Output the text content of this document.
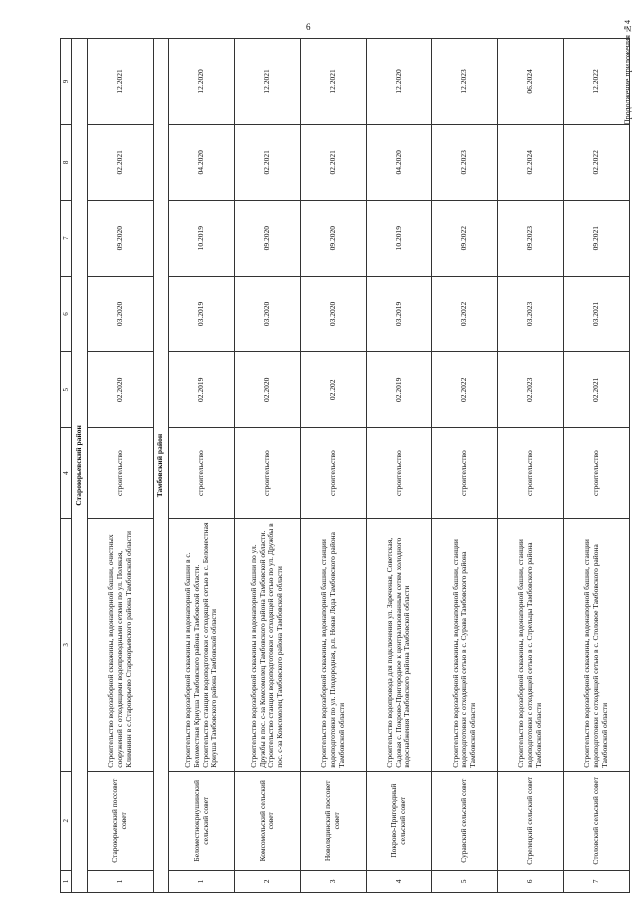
6	Продолжение приложения №4
1	2	3	4	5	6	7	8	9
Староюрьевский район								
1	Староюрьевский поссовет совет	Строительство водозаборной скважины, водонапорной башни, очистных сооружений с отходящими водопроводными сетями по ул. Полякая, Климнинн в с.Староюрьево Староюрьевского района Тамбовской области	строительство	02.2020	03.2020	09.2020	02.2021	12.2021
Тамбовский район								
1	Беломестнокриушинский сельский совет	Строительство водозаборной скважины и водонапорной башни в с. Беломестная Криуша Тамбовского района Тамбовской области. Строительство станции водоподготовки с отходящей сетью в с. Беломестная Криуша Тамбовского района Тамбовской области	строительство	02.2019	03.2019	10.2019	04.2020	12.2020
2	Комсомольский сельский совет	Строительство водозаборной скважины и водонапорной башни по ул. Дружбы в пос. с-за Комсомолец Тамбовского района Тамбовской области. Строительство станции водоподготовки с отходящей сетью по ул. Дружбы в пос. с-за Комсомолец Тамбовского района Тамбовской области	строительство	02.2020	03.2020	09.2020	02.2021	12.2021
3	Новолядинский поссовет совет	Строительство водозаборной скважины, водонапорной башни, станции водоподготовки по ул. Плодородная, р.п. Новая Ляда Тамбовского района Тамбовской области	строительство	02.202	03.2020	09.2020	02.2021	12.2021
4	Покрово-Пригородный сельский совет	Строительство водопровода для подключения ул. Зареченая, Советская, Садовая с. Покрово-Пригородное к централизованным сетям холодного водоснабжения Тамбовского района Тамбовской области	строительство	02.2019	03.2019	10.2019	04.2020	12.2020
5	Суравский сельский совет	Строительство водозаборной скважины, водонапорной башни, станции водоподготовки с отходящей сетью в с. Сурава Тамбовского района Тамбовской области	строительство	02.2022	03.2022	09.2022	02.2023	12.2023
6	Стрелецкий сельский совет	Строительство водозаборной скважины, водонапорной башни, станции водоподготовки с отходящей сетью в с. Стрельцы Тамбовского района Тамбовской области	строительство	02.2023	03.2023	09.2023	02.2024	06.2024
7	Столовский сельский совет	Строительство водозаборной скважины, водонапорной башни, станции водоподготовки с отходящей сетью в с. Столовое Тамбовского района Тамбовской области	строительство	02.2021	03.2021	09.2021	02.2022	12.2022
